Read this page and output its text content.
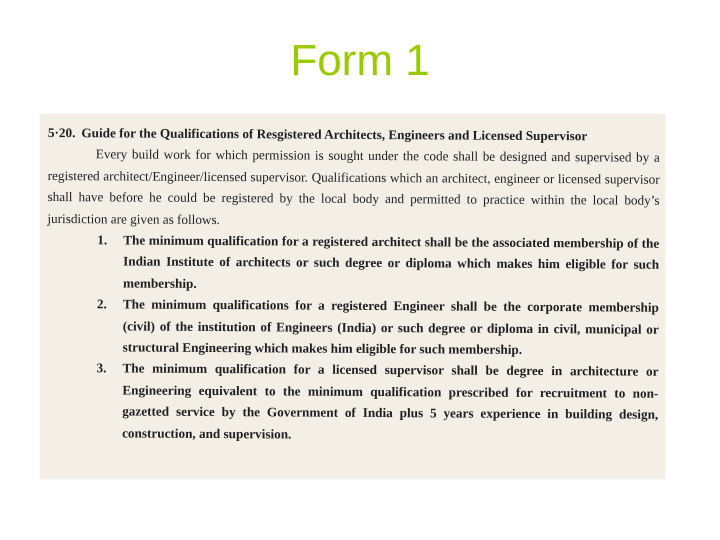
Form 1
5·20. Guide for the Qualifications of Resgistered Architects, Engineers and Licensed Supervisor
Every build work for which permission is sought under the code shall be designed and supervised by a registered architect/Engineer/licensed supervisor. Qualifications which an architect, engineer or licensed supervisor shall have before he could be registered by the local body and permitted to practice within the local body’s jurisdiction are given as follows.
1. The minimum qualification for a registered architect shall be the associated membership of the Indian Institute of architects or such degree or diploma which makes him eligible for such membership.
2. The minimum qualifications for a registered Engineer shall be the corporate membership (civil) of the institution of Engineers (India) or such degree or diploma in civil, municipal or structural Engineering which makes him eligible for such membership.
3. The minimum qualification for a licensed supervisor shall be degree in architecture or Engineering equivalent to the minimum qualification prescribed for recruitment to non-gazetted service by the Government of India plus 5 years experience in building design, construction, and supervision.
